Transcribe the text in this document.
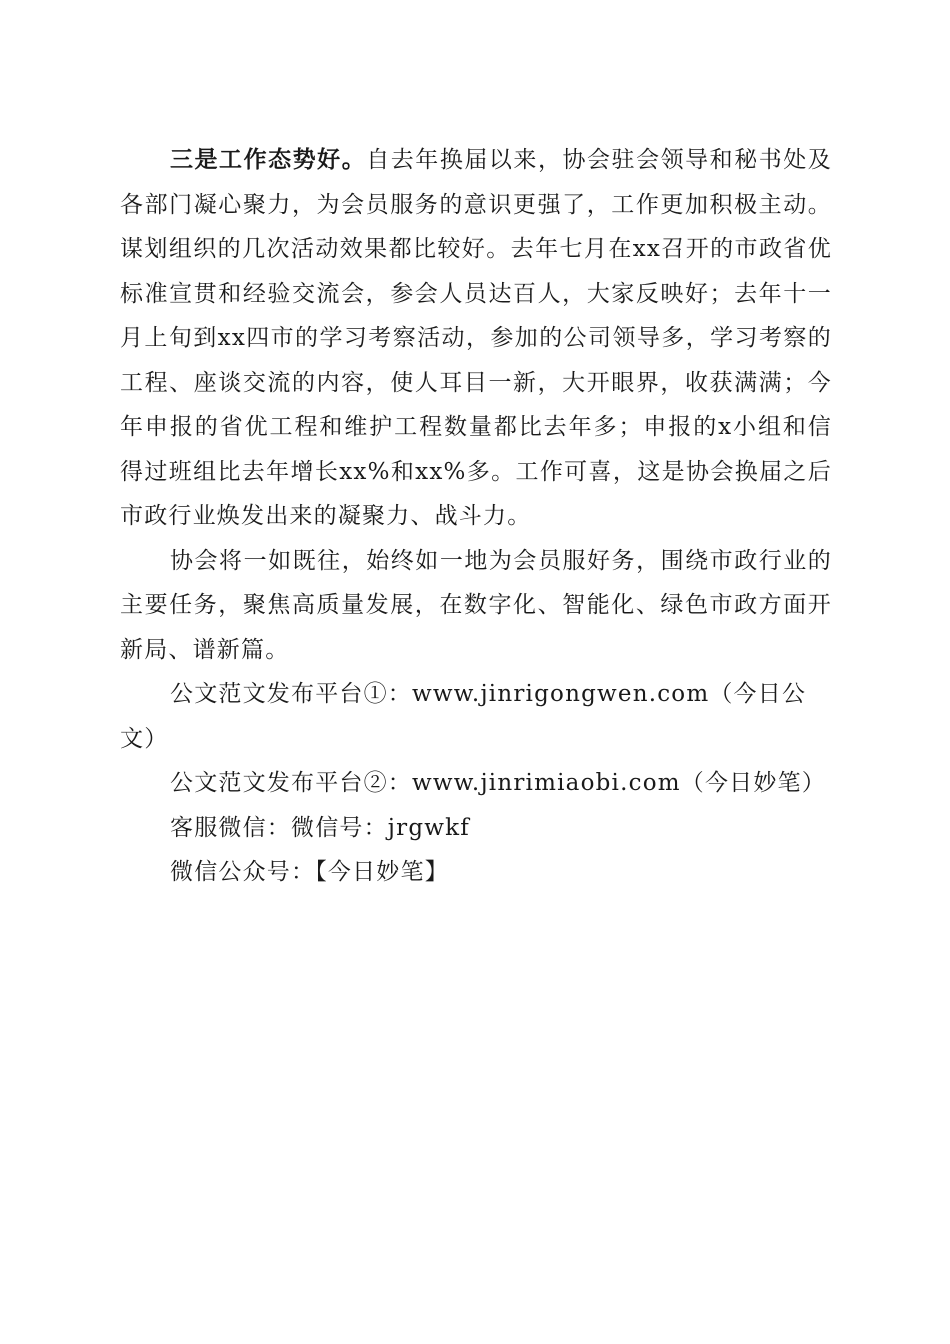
三是工作态势好。自去年换届以来，协会驻会领导和秘书处及各部门凝心聚力，为会员服务的意识更强了，工作更加积极主动。谋划组织的几次活动效果都比较好。去年七月在xx召开的市政省优标准宣贯和经验交流会，参会人员达百人，大家反映好；去年十一月上旬到xx四市的学习考察活动，参加的公司领导多，学习考察的工程、座谈交流的内容，使人耳目一新，大开眼界，收获满满；今年申报的省优工程和维护工程数量都比去年多；申报的x小组和信得过班组比去年增长xx%和xx%多。工作可喜，这是协会换届之后市政行业焕发出来的凝聚力、战斗力。

协会将一如既往，始终如一地为会员服好务，围绕市政行业的主要任务，聚焦高质量发展，在数字化、智能化、绿色市政方面开新局、谱新篇。

公文范文发布平台①：www.jinrigongwen.com（今日公文）

公文范文发布平台②：www.jinrimiaobi.com（今日妙笔）

客服微信：微信号：jrgwkf

微信公众号：【今日妙笔】
